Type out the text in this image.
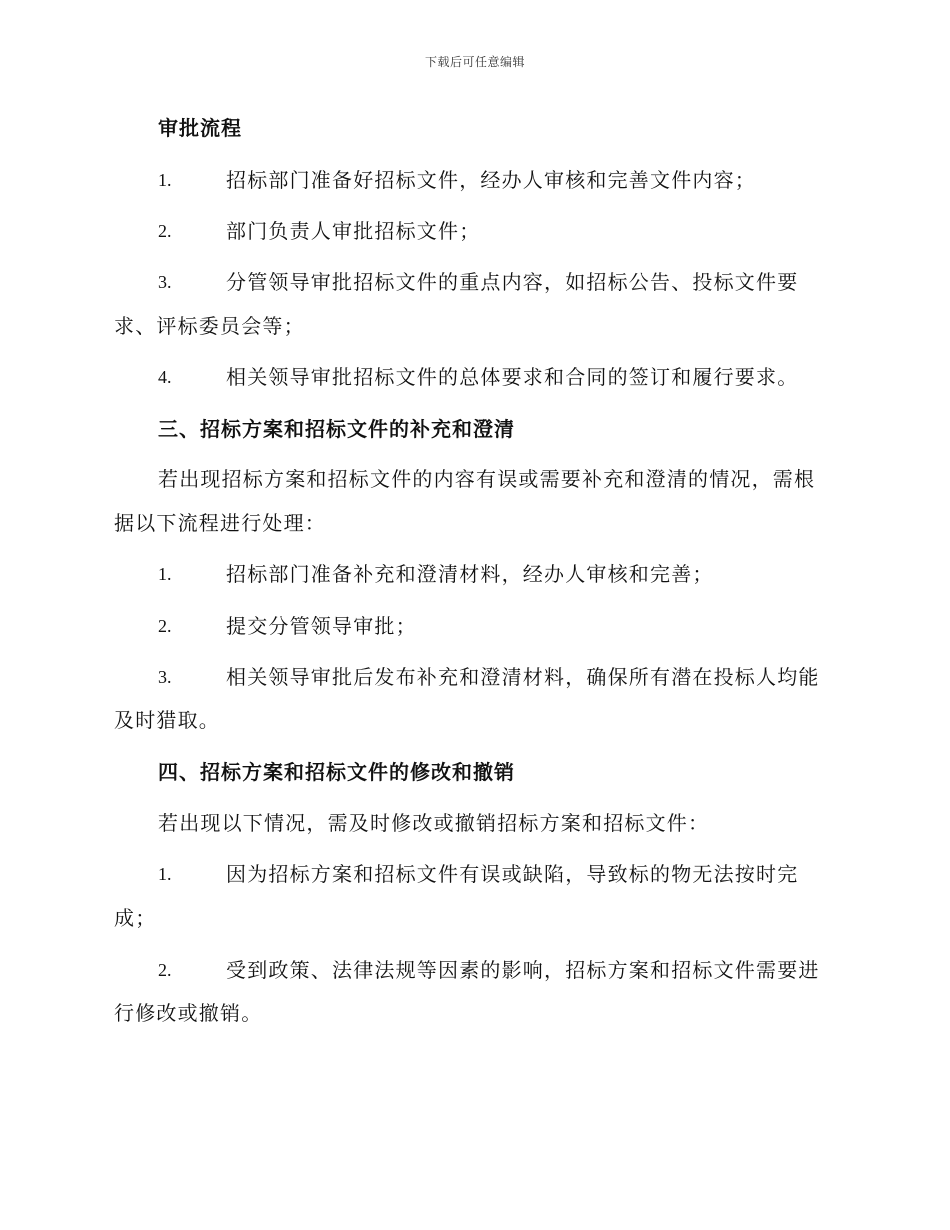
下载后可任意编辑
审批流程
1.	招标部门准备好招标文件，经办人审核和完善文件内容；
2.	部门负责人审批招标文件；
3.	分管领导审批招标文件的重点内容，如招标公告、投标文件要
求、评标委员会等；
4.	相关领导审批招标文件的总体要求和合同的签订和履行要求。
三、招标方案和招标文件的补充和澄清
若出现招标方案和招标文件的内容有误或需要补充和澄清的情况，需根
据以下流程进行处理：
1.	招标部门准备补充和澄清材料，经办人审核和完善；
2.	提交分管领导审批；
3.	相关领导审批后发布补充和澄清材料，确保所有潜在投标人均能
及时猎取。
四、招标方案和招标文件的修改和撤销
若出现以下情况，需及时修改或撤销招标方案和招标文件：
1.	因为招标方案和招标文件有误或缺陷，导致标的物无法按时完
成；
2.	受到政策、法律法规等因素的影响，招标方案和招标文件需要进
行修改或撤销。
